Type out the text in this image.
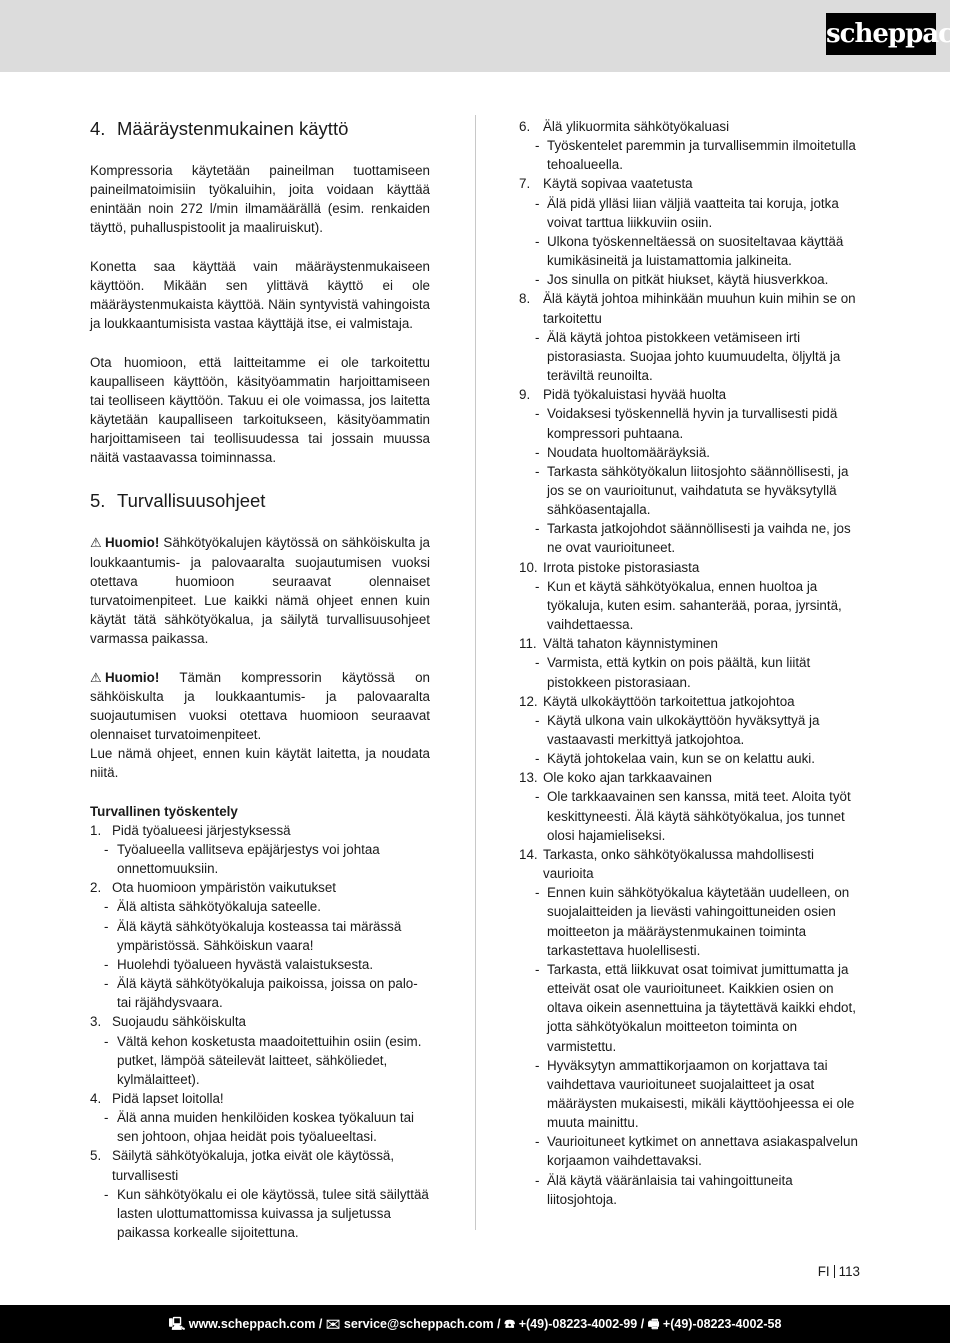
scheppach
4. Määräystenmukainen käyttö

Kompressoria käytetään paineilman tuottamiseen paineilmatoimisiin työkaluihin, joita voidaan käyttää enintään noin 272 l/min ilmamäärällä (esim. renkaiden täyttö, puhalluspistoolit ja maaliruiskut).

Konetta saa käyttää vain määräystenmukaiseen käyttöön. Mikään sen ylittävä käyttö ei ole määräystenmukaista käyttöä. Näin syntyvistä vahingoista ja loukkaantumisista vastaa käyttäjä itse, ei valmistaja.

Ota huomioon, että laitteitamme ei ole tarkoitettu kaupalliseen käyttöön, käsityöammatin harjoittamiseen tai teolliseen käyttöön. Takuu ei ole voimassa, jos laitetta käytetään kaupalliseen tarkoitukseen, käsityöammatin harjoittamiseen tai teollisuudessa tai jossain muussa näitä vastaavassa toiminnassa.

5. Turvallisuusohjeet

⚠ Huomio! Sähkötyökalujen käytössä on sähköiskulta ja loukkaantumis- ja palovaaralta suojautumisen vuoksi otettava huomioon seuraavat olennaiset turvatoimenpiteet. Lue kaikki nämä ohjeet ennen kuin käytät tätä sähkötyökalua, ja säilytä turvallisuusohjeet varmassa paikassa.

⚠ Huomio! Tämän kompressorin käytössä on sähköiskulta ja loukkaantumis- ja palovaaralta suojautumisen vuoksi otettava huomioon seuraavat olennaiset turvatoimenpiteet.

Lue nämä ohjeet, ennen kuin käytät laitetta, ja noudata niitä.

Turvallinen työskentely

1. Pidä työalueesi järjestyksessä
- Työalueella vallitseva epäjärjestys voi johtaa onnettomuuksiin.
2. Ota huomioon ympäristön vaikutukset
- Älä altista sähkötyökaluja sateelle.
- Älä käytä sähkötyökaluja kosteassa tai märässä ympäristössä. Sähköiskun vaara!
- Huolehdi työalueen hyvästä valaistuksesta.
- Älä käytä sähkötyökaluja paikoissa, joissa on palo- tai räjähdysvaara.
3. Suojaudu sähköiskulta
- Vältä kehon kosketusta maadoitettuihin osiin (esim. putket, lämpöä säteilevät laitteet, sähköliedet, kylmälaitteet).
4. Pidä lapset loitolla!
- Älä anna muiden henkilöiden koskea työkaluun tai sen johtoon, ohjaa heidät pois työalueeltasi.
5. Säilytä sähkötyökaluja, jotka eivät ole käytössä, turvallisesti
- Kun sähkötyökalu ei ole käytössä, tulee sitä säilyttää lasten ulottumattomissa kuivassa ja suljetussa paikassa korkealle sijoitettuna.
6. Älä ylikuormita sähkötyökaluasi
- Työskentelet paremmin ja turvallisemmin ilmoitetulla tehoalueella.
7. Käytä sopivaa vaatetusta
- Älä pidä ylläsi liian väljiä vaatteita tai koruja, jotka voivat tarttua liikkuviin osiin.
- Ulkona työskenneltäessä on suositeltavaa käyttää kumikäsineitä ja luistamattomia jalkineita.
- Jos sinulla on pitkät hiukset, käytä hiusverkkoa.
8. Älä käytä johtoa mihinkään muuhun kuin mihin se on tarkoitettu
- Älä käytä johtoa pistokkeen vetämiseen irti pistorasiasta. Suojaa johto kuumuudelta, öljyltä ja teräviltä reunoilta.
9. Pidä työkaluistasi hyvää huolta
- Voidaksesi työskennellä hyvin ja turvallisesti pidä kompressori puhtaana.
- Noudata huoltomääräyksiä.
- Tarkasta sähkötyökalun liitosjohto säännöllisesti, ja jos se on vaurioitunut, vaihdatuta se hyväksytyllä sähköasentajalla.
- Tarkasta jatkojohdot säännöllisesti ja vaihda ne, jos ne ovat vaurioituneet.
10. Irrota pistoke pistorasiasta
- Kun et käytä sähkötyökalua, ennen huoltoa ja työkaluja, kuten esim. sahanterää, poraa, jyrsintä, vaihdettaessa.
11. Vältä tahaton käynnistyminen
- Varmista, että kytkin on pois päältä, kun liität pistokkeen pistorasiaan.
12. Käytä ulkokäyttöön tarkoitettua jatkojohtoa
- Käytä ulkona vain ulkokäyttöön hyväksyttyä ja vastaavasti merkittyä jatkojohtoa.
- Käytä johtokelaa vain, kun se on kelattu auki.
13. Ole koko ajan tarkkaavainen
- Ole tarkkaavainen sen kanssa, mitä teet. Aloita työt keskittyneesti. Älä käytä sähkötyökalua, jos tunnet olosi hajamieliseksi.
14. Tarkasta, onko sähkötyökalussa mahdollisesti vaurioita
- Ennen kuin sähkötyökalua käytetään uudelleen, on suojalaitteiden ja lievästi vahingoittuneiden osien moitteeton ja määräystenmukainen toiminta tarkastettava huolellisesti.
- Tarkasta, että liikkuvat osat toimivat jumittumatta ja etteivät osat ole vaurioituneet. Kaikkien osien on oltava oikein asennettuina ja täytettävä kaikki ehdot, jotta sähkötyökalun moitteeton toiminta on varmistettu.
- Hyväksytyn ammattikorjaamon on korjattava tai vaihdettava vaurioituneet suojalaitteet ja osat määräysten mukaisesti, mikäli käyttöohjeessa ei ole muuta mainittu.
- Vaurioituneet kytkimet on annettava asiakaspalvelun korjaamon vaihdettavaksi.
- Älä käytä vääränlaisia tai vahingoittuneita liitosjohtoja.
FI 113
🖳 www.scheppach.com / ✉ service@scheppach.com / ☎ +(49)-08223-4002-99 / 🖷 +(49)-08223-4002-58
